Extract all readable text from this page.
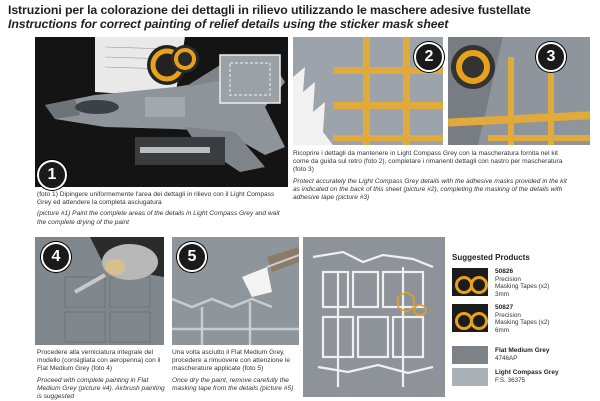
Istruzioni per la colorazione dei dettagli in rilievo utilizzando le maschere adesive fustellate
Instructions for correct painting of relief details using the sticker mask sheet
1
2	3

(foto 1) Dipingere uniformemente l'area dei dettagli in rilievo con il Light Compass Grey ed attendere la completa asciugatura

(picture #1) Paint the complete areas of the details in Light Compass Grey and wait the complete drying of the paint

Ricoprire i dettagli da mantenere in Light Compass Grey con la mascheratura fornita nel kit come da guida sul retro (foto 2), completare i rimanenti dettagli con nastro per mascheratura (foto 3)

Protect accurately the Light Compass Grey details with the adhesive masks provided in the kit as indicated on the back of this sheet (picture #2), completing the masking of the details with adhesive tape (picture #3)

4	5

Procedere alla verniciatura integrale del modello (consigliata con aeropenna) con il Flat Medium Grey (foto 4)

Proceed with complete painting in Flat Medium Grey (picture #4). Airbrush painting is suggested

Una volta asciutto il Flat Medium Grey, procedere a rimuovere con attenzione le mascherature applicate (foto 5)

Once dry the paint, remove carefully the masking tape from the details (picture #5)

Suggested Products
50826
Precision
Masking Tapes (x2)
3mm
50827
Precision
Masking Tapes (x2)
6mm
Flat Medium Grey
4746AP
Light Compass Grey
F.S. 36375
